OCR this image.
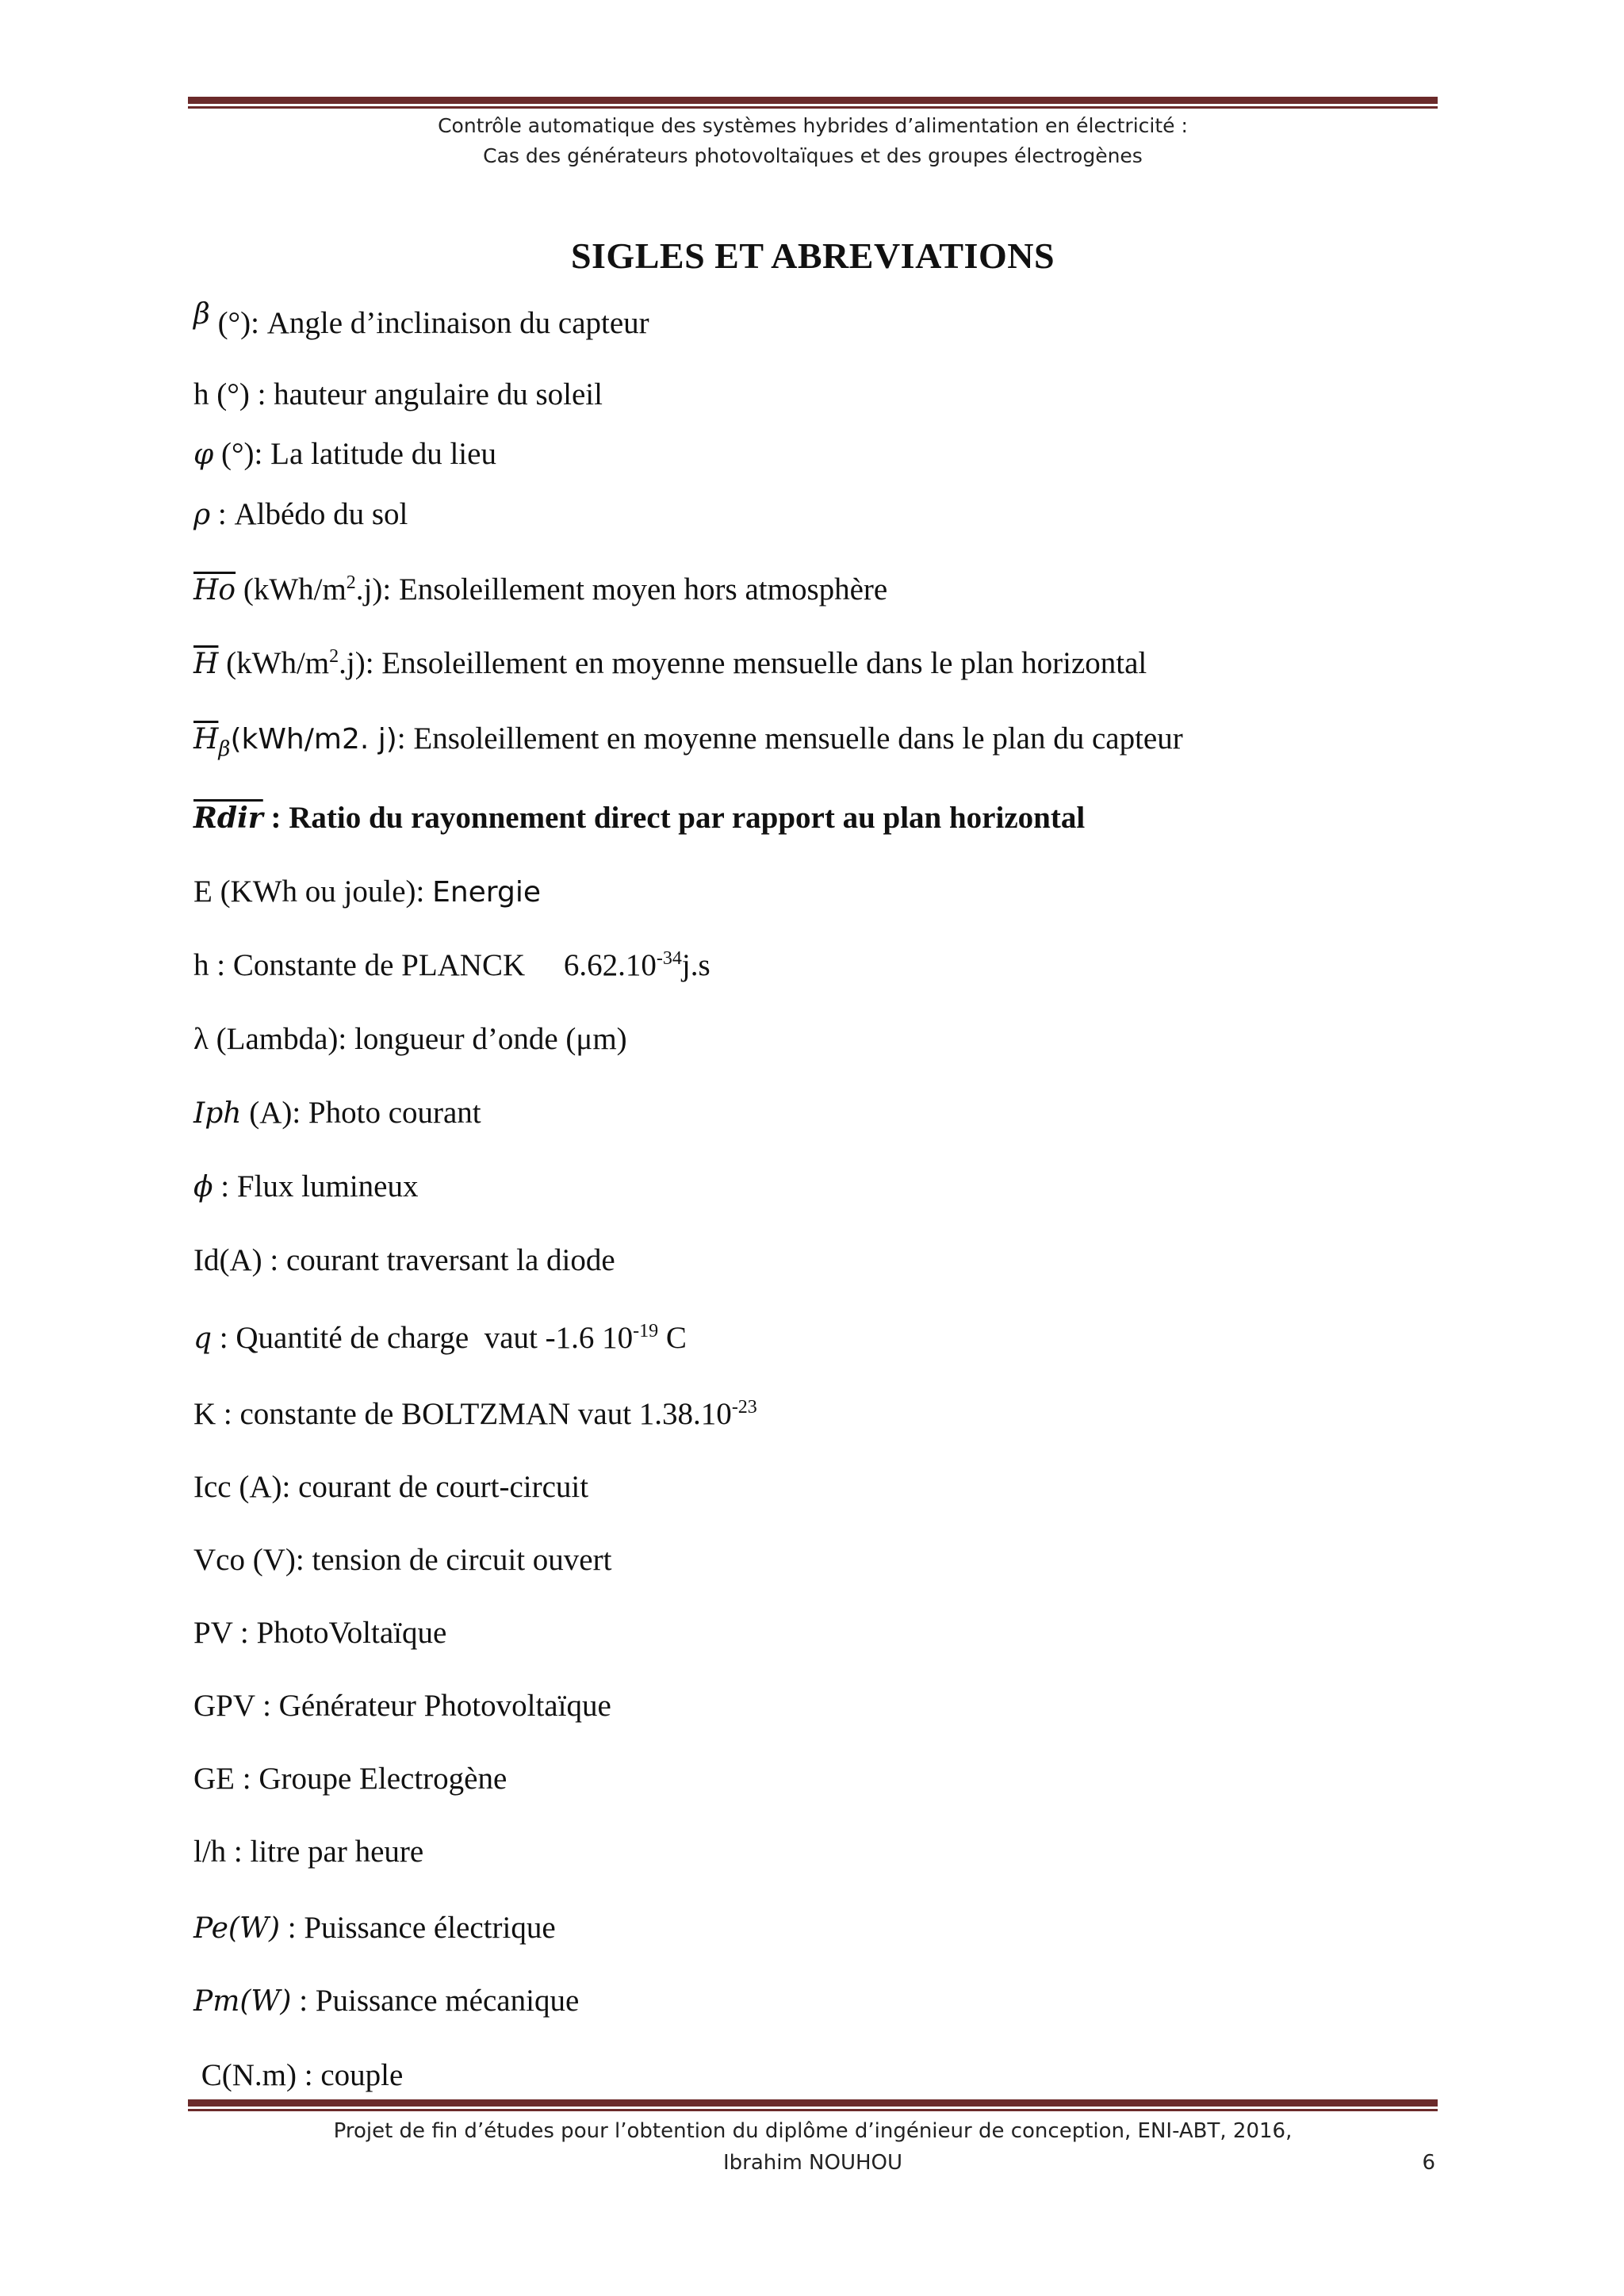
Contrôle automatique des systèmes hybrides d’alimentation en électricité :
Cas des générateurs photovoltaïques et des groupes électrogènes
SIGLES ET ABREVIATIONS
β (°): Angle d’inclinaison du capteur
h (°) : hauteur angulaire du soleil
φ (°): La latitude du lieu
ρ : Albédo du sol
$\overline{Ho}$ $(kWh/m^2.j)$: Ensoleillement moyen hors atmosphère
$\overline{H}$ $(kWh/m^2.j)$: Ensoleillement en moyenne mensuelle dans le plan horizontal
$\overline{H}_\beta(kWh/m2$. j): Ensoleillement en moyenne mensuelle dans le plan du capteur
Rdir : Ratio du rayonnement direct par rapport au plan horizontal
E (KWh ou joule): Energie
h : Constante de PLANCK     $6.62.10^{-34}j.s$
λ (Lambda): longueur d’onde (μm)
Iph (A): Photo courant
ϕ : Flux lumineux
Id(A) : courant traversant la diode
q : Quantité de charge  vaut -1.6 $10^{-19}$ C
K : constante de BOLTZMAN vaut $1.38.10^{-23}$
Icc (A): courant de court-circuit
Vco (V): tension de circuit ouvert
PV : PhotoVoltaïque
GPV : Générateur Photovoltaïque
GE : Groupe Electrogène
l/h : litre par heure
Pe(W) : Puissance électrique
Pm(W) : Puissance mécanique
C(N.m) : couple
Projet de fin d’études pour l’obtention du diplôme d’ingénieur de conception, ENI-ABT, 2016,
Ibrahim NOUHOU	6
